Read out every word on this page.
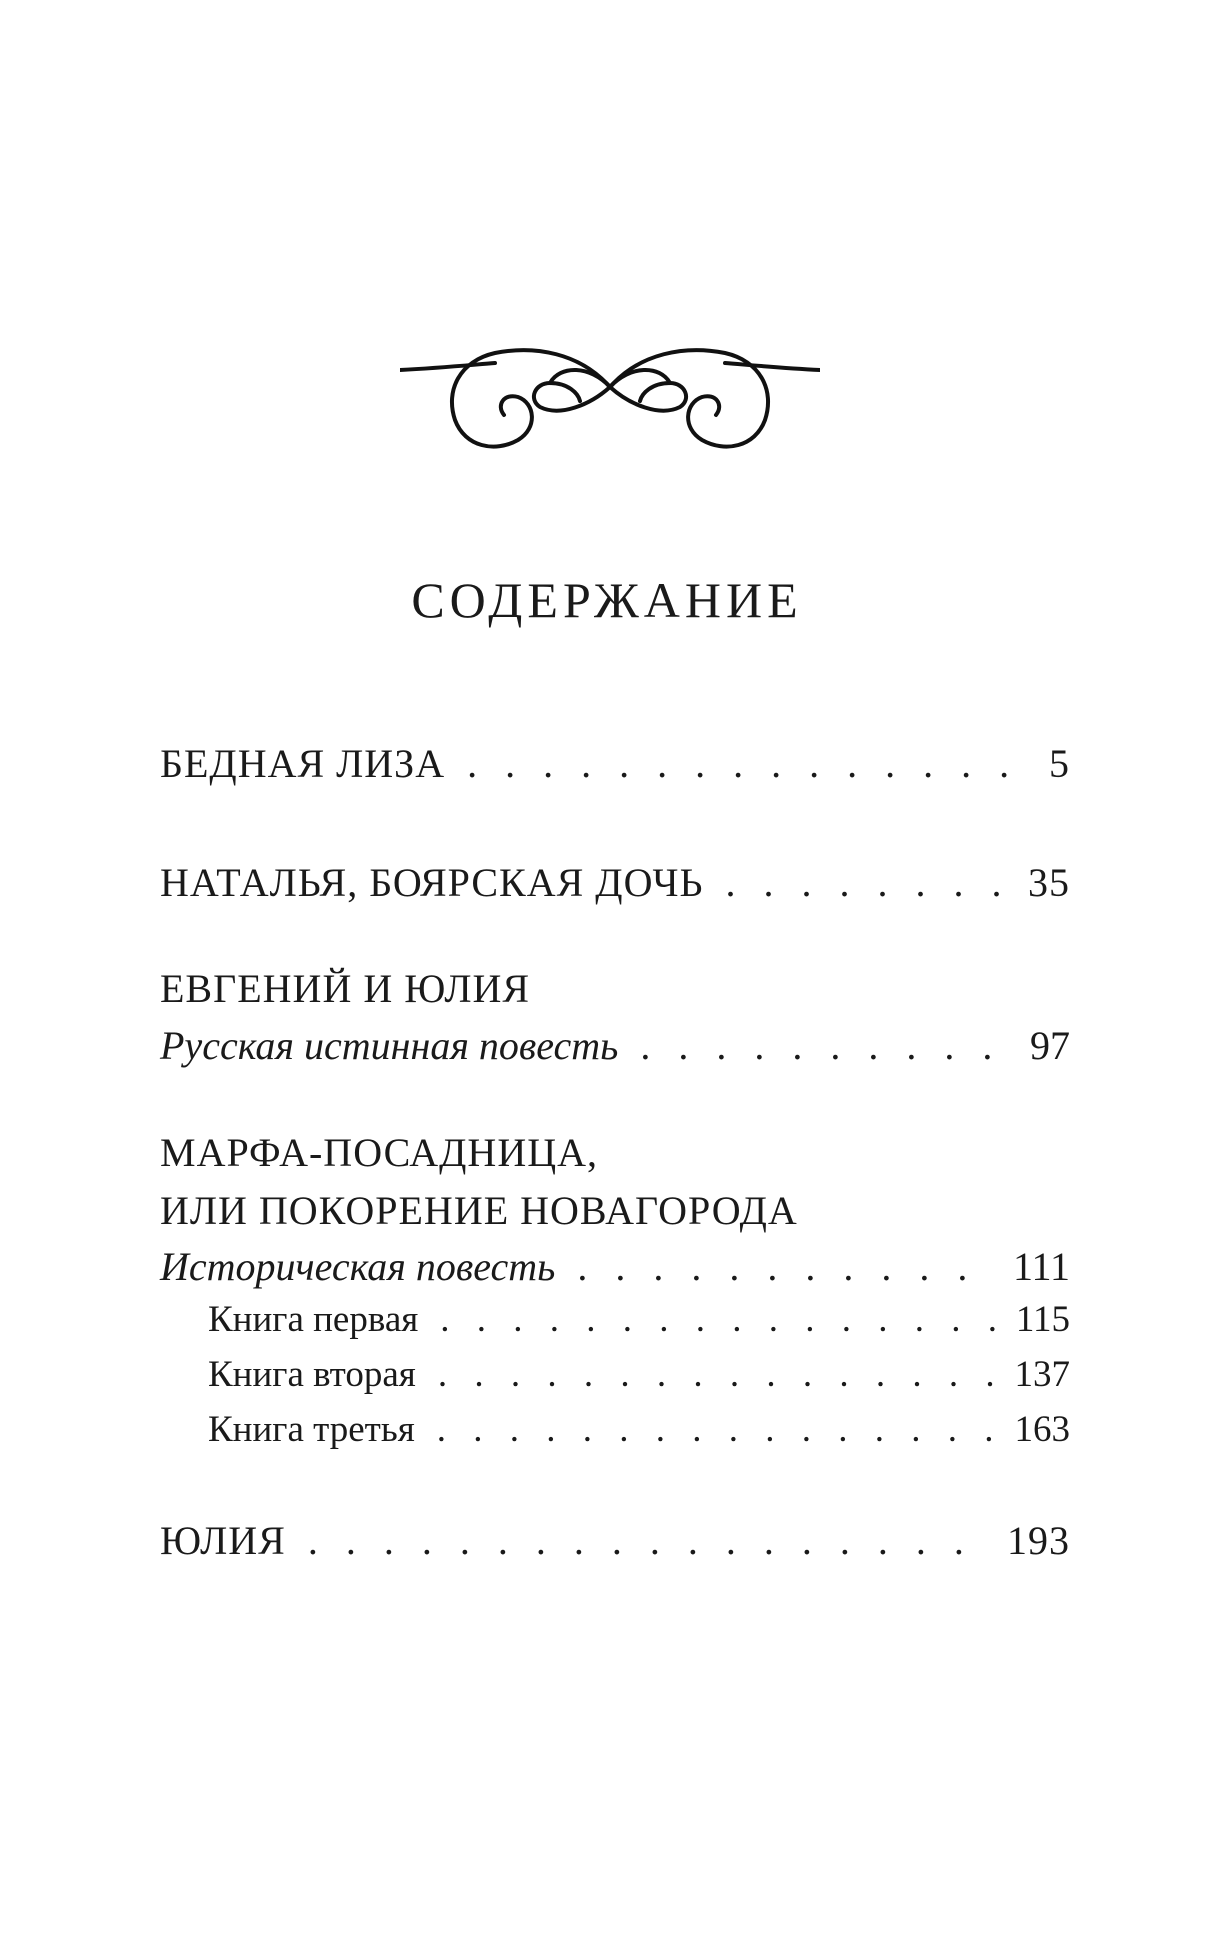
СОДЕРЖАНИЕ
БЕДНАЯ ЛИЗА . . .	5
НАТАЛЬЯ, БОЯРСКАЯ ДОЧЬ . . .	35
ЕВГЕНИЙ И ЮЛИЯ
Русская истинная повесть . . .	97
МАРФА-ПОСАДНИЦА,
ИЛИ ПОКОРЕНИЕ НОВАГОРОДА
Историческая повесть . . .	111
Книга первая . . .	115
Книга вторая . . .	137
Книга третья . . .	163
ЮЛИЯ . . .	193
